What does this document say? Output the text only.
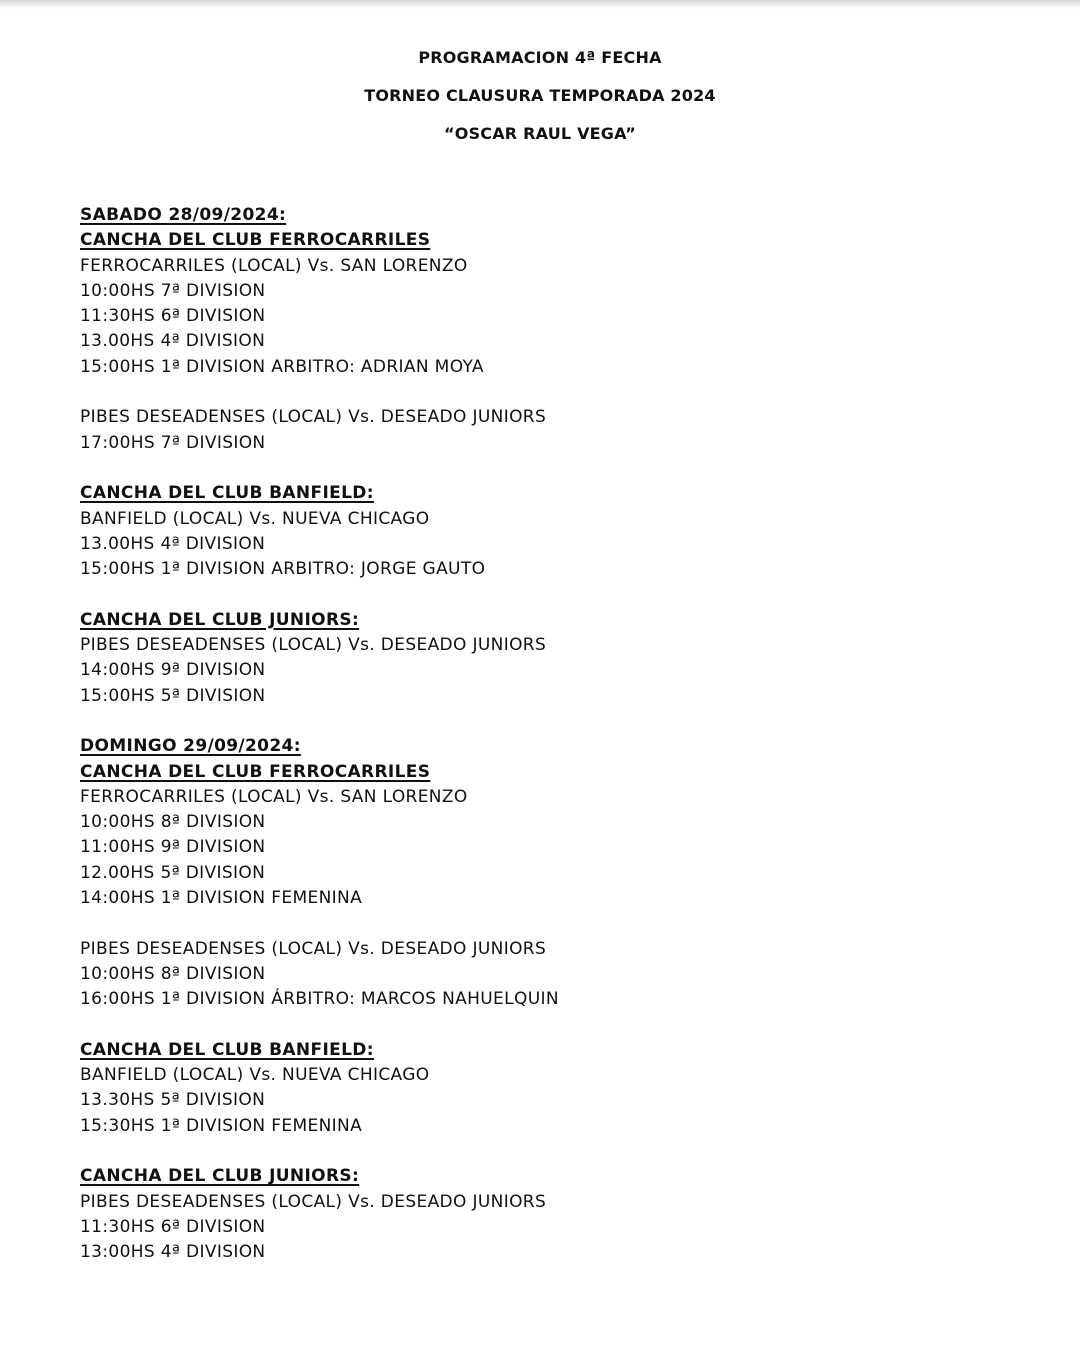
PROGRAMACION 4ª FECHA
TORNEO CLAUSURA TEMPORADA 2024
“OSCAR RAUL VEGA”
SABADO 28/09/2024:
CANCHA DEL CLUB FERROCARRILES
FERROCARRILES (LOCAL) Vs. SAN LORENZO
10:00HS 7ª DIVISION
11:30HS 6ª DIVISION
13.00HS 4ª DIVISION
15:00HS 1ª DIVISION ARBITRO: ADRIAN MOYA
PIBES DESEADENSES (LOCAL) Vs. DESEADO JUNIORS
17:00HS 7ª DIVISION
CANCHA DEL CLUB BANFIELD:
BANFIELD (LOCAL) Vs. NUEVA CHICAGO
13.00HS 4ª DIVISION
15:00HS 1ª DIVISION ARBITRO: JORGE GAUTO
CANCHA DEL CLUB JUNIORS:
PIBES DESEADENSES (LOCAL) Vs. DESEADO JUNIORS
14:00HS 9ª DIVISION
15:00HS 5ª DIVISION
DOMINGO 29/09/2024:
CANCHA DEL CLUB FERROCARRILES
FERROCARRILES (LOCAL) Vs. SAN LORENZO
10:00HS 8ª DIVISION
11:00HS 9ª DIVISION
12.00HS 5ª DIVISION
14:00HS 1ª DIVISION FEMENINA
PIBES DESEADENSES (LOCAL) Vs. DESEADO JUNIORS
10:00HS 8ª DIVISION
16:00HS 1ª DIVISION ÁRBITRO: MARCOS NAHUELQUIN
CANCHA DEL CLUB BANFIELD:
BANFIELD (LOCAL) Vs. NUEVA CHICAGO
13.30HS 5ª DIVISION
15:30HS 1ª DIVISION FEMENINA
CANCHA DEL CLUB JUNIORS:
PIBES DESEADENSES (LOCAL) Vs. DESEADO JUNIORS
11:30HS 6ª DIVISION
13:00HS 4ª DIVISION
